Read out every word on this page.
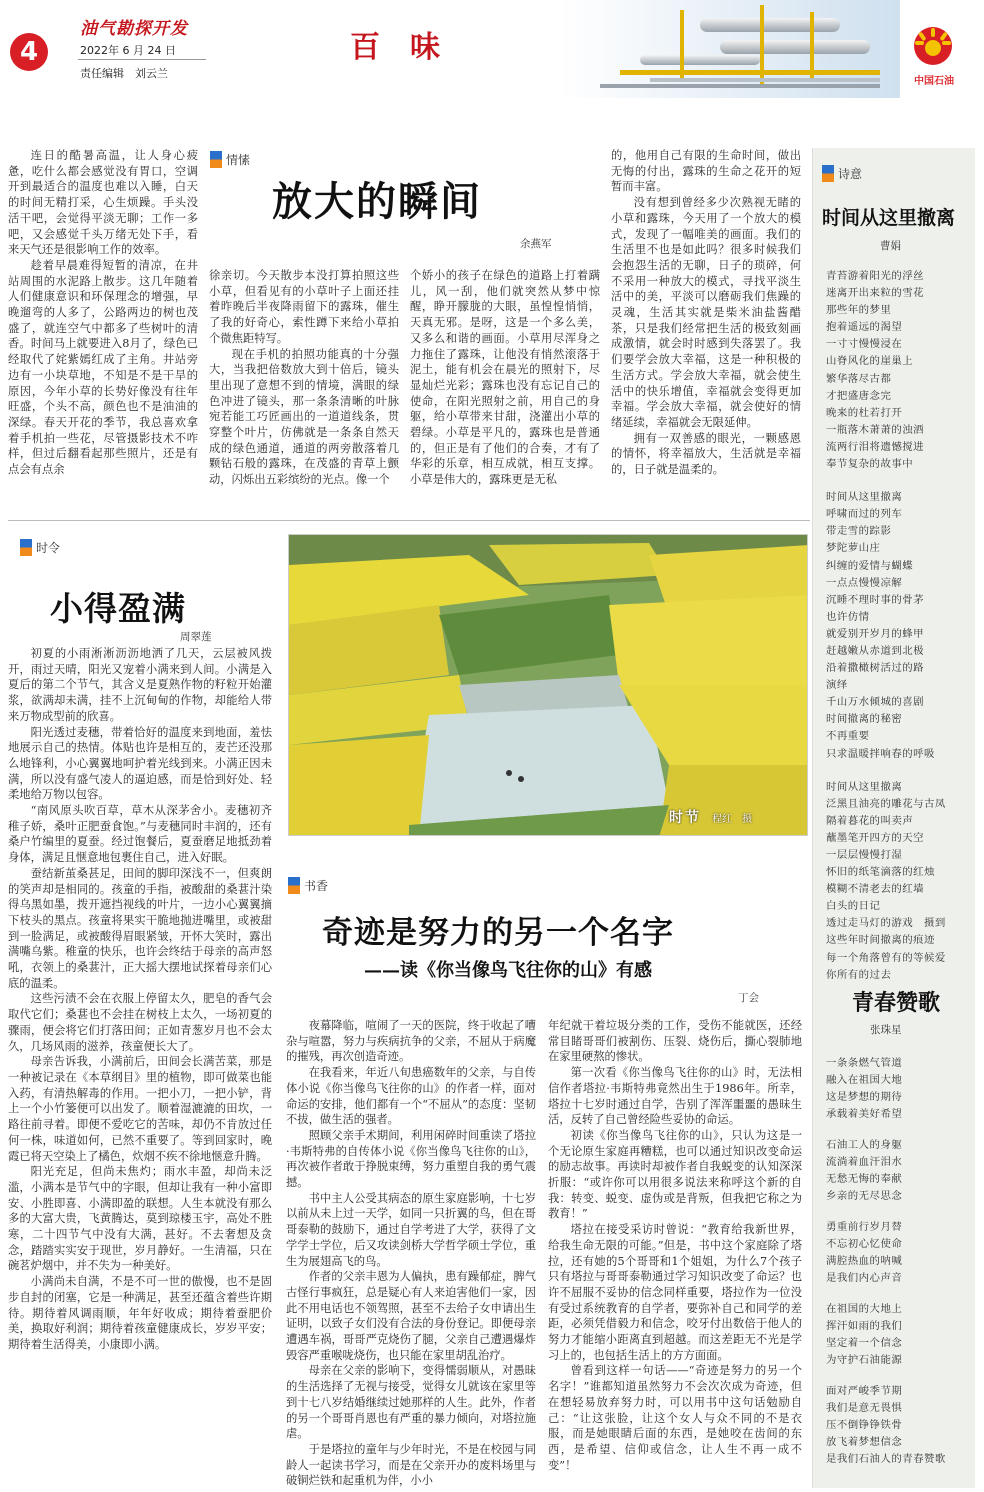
4
油气勘探开发
2022年 6 月 24 日
责任编辑　刘云兰
百　味
中国石油
情愫
放大的瞬间
余燕军

连日的酷暑高温，让人身心疲惫，吃什么都会感觉没有胃口，空调开到最适合的温度也难以入睡，白天的时间无精打采，心生烦躁。手头没活干吧，会觉得平淡无聊；工作一多吧，又会感觉千头万绪无处下手，看来天气还是很影响工作的效率。

趁着早晨难得短暂的清凉，在井站周围的水泥路上散步。这几年随着人们健康意识和环保理念的增强，早晚遛弯的人多了，公路两边的树也茂盛了，就连空气中都多了些树叶的清香。时间马上就要进入8月了，绿色已经取代了姹紫嫣红成了主角。井站旁边有一小块草地，不知是不是干旱的原因，今年小草的长势好像没有往年旺盛，个头不高，颜色也不是油油的深绿。春天开花的季节，我总喜欢拿着手机拍一些花，尽管摄影技术不咋样，但过后翻看起那些照片，还是有点会有点余

徐亲切。今天散步本没打算拍照这些小草，但看见有的小草叶子上面还挂着昨晚后半夜降雨留下的露珠，催生了我的好奇心，索性蹲下来给小草拍个微焦距特写。

现在手机的拍照功能真的十分强大，当我把倍数放大到十倍后，镜头里出现了意想不到的情境，满眼的绿色冲进了镜头，那一条条清晰的叶脉宛若能工巧匠画出的一道道线条，贯穿整个叶片，仿佛就是一条条自然天成的绿色通道，通道的两旁散落着几颗钻石般的露珠，在茂盛的青草上颤动，闪烁出五彩缤纷的光点。像一个

个娇小的孩子在绿色的道路上打着蹒儿，风一刮，他们就突然从梦中惊醒，睁开朦胧的大眼，虽惶惶悄悄，天真无邪。是呀，这是一个多么美，又多么和谐的画面。小草用尽浑身之力拖住了露珠，让他没有悄然滚落于泥土，能有机会在晨光的照射下，尽显灿烂光彩；露珠也没有忘记自己的使命，在阳光照射之前，用自己的身躯，给小草带来甘甜，浇灌出小草的碧绿。小草是平凡的，露珠也是普通的，但正是有了他们的合奏，才有了华彩的乐章，相互成就，相互支撑。小草是伟大的，露珠更是无私

的，他用自己有限的生命时间，做出无悔的付出，露珠的生命之花开的短暂而丰富。

没有想到曾经多少次熟视无睹的小草和露珠，今天用了一个放大的模式，发现了一幅唯美的画面。我们的生活里不也是如此吗？很多时候我们会抱怨生活的无聊，日子的琐碎，何不采用一种放大的模式，寻找平淡生活中的美，平淡可以磨砺我们焦躁的灵魂，生活其实就是柴米油盐酱醋茶，只是我们经常把生活的极致刻画成激情，就会时时感到失落罢了。我们要学会放大幸福，这是一种积极的生活方式。学会放大幸福，就会使生活中的快乐增值，幸福就会变得更加幸福。学会放大幸福，就会使好的情绪延续，幸福就会无限延伸。

拥有一双善感的眼光，一颗感恩的情怀，将幸福放大，生活就是幸福的，日子就是温柔的。

时令
小得盈满
周翠莲

初夏的小雨淅淅沥沥地洒了几天，云层被风拨开，雨过天晴，阳光又宠着小满来到人间。小满是入夏后的第二个节气，其含义是夏熟作物的籽粒开始灌浆，欲满却未满，挂不上沉甸甸的作物，却能给人带来万物成型前的欣喜。

阳光透过麦穗，带着恰好的温度来到地面，羞怯地展示自己的热情。体贴也许是相互的，麦芒还没那么地锋利，小心翼翼地呵护着光线到来。小满正因未满，所以没有盛气凌人的逼迫感，而是恰到好处、轻柔地给万物以包容。

“南风原头吹百草，草木从深茅舍小。麦穗初齐稚子娇，桑叶正肥蚕食饱。”与麦穗同时丰润的，还有桑户竹编里的夏蚕。经过饱餐后，夏蚕磨足地抵劲着身体，满足且惬意地包裹住自己，进入好眠。

蚕结新茧桑甚足，田间的脚印深浅不一，但爽朗的笑声却是相同的。孩童的手指，被酸甜的桑葚汁染得乌黑如墨，拨开遮挡视线的叶片，一边小心翼翼摘下枝头的黑点。孩童将果实干脆地抛进嘴里，或被甜到一脸满足，或被酸得眉眼紧皱，开怀大笑时，露出满嘴乌紫。稚童的快乐，也许会终结于母亲的高声怒吼，衣领上的桑葚汁，正大摇大摆地试探着母亲们心底的温柔。

这些污渍不会在衣服上停留太久，肥皂的香气会取代它们；桑葚也不会挂在树枝上太久，一场初夏的骤雨，便会将它们打落田间；正如青葱岁月也不会太久，几场风雨的滋养，孩童便长大了。

母亲告诉我，小满前后，田间会长满苦菜，那是一种被记录在《本草纲目》里的植物，即可做菜也能入药，有清热解毒的作用。一把小刀，一把小铲，背上一个小竹篓便可以出发了。顺着湿漉漉的田坎，一路往前寻着。即便不爱吃它的苦味，却仍不肯放过任何一株，味道如何，已然不重要了。等到回家时，晚霞已将天空染上了橘色，炊烟不疾不徐地惬意升腾。

阳光充足，但尚未焦灼；雨水丰盈，却尚未泛滥，小满本是节气中的字眼，但却让我有一种小富即安、小胜即喜、小满即盈的联想。人生本就没有那么多的大富大贵，飞黄腾达，莫到琼楼玉宇，高处不胜寒，二十四节气中没有大满，甚好。不去奢想及贪念，踏踏实实安于现世，岁月静好。一生清福，只在碗茗炉烟中，并不失为一种美好。

小满尚未自满，不是不可一世的傲慢，也不是固步自封的闭塞，它是一种满足，甚至还蕴含着些许期待。期待着风调雨顺，年年好收成；期待着蚕肥价美，换取好利润；期待着孩童健康成长，岁岁平安；期待着生活得美，小康即小满。

时节 程红　摄
书香
奇迹是努力的另一个名字
——读《你当像鸟飞往你的山》有感
丁会

夜幕降临，喧闹了一天的医院，终于收起了嘈杂与喧嚣，努力与疾病抗争的父亲，不屈从于病魔的摧残，再次创造奇迹。

在我看来，年近八旬患癌数年的父亲，与自传体小说《你当像鸟飞往你的山》的作者一样，面对命运的安排，他们都有一个“不屈从”的态度：坚韧不拔，做生活的强者。

照顾父亲手术期间，利用闲碎时间重读了塔拉·韦斯特弗的自传体小说《你当像鸟飞往你的山》，再次被作者敢于挣脱束缚，努力重塑自我的勇气震撼。

书中主人公受其病态的原生家庭影响，十七岁以前从未上过一天学，如同一只折翼的鸟，但在哥哥泰勒的鼓励下，通过自学考进了大学，获得了文学学士学位，后又攻读剑桥大学哲学硕士学位，重生为展翅高飞的鸟。

作者的父亲丰恩为人偏执，患有躁郁症，脾气古怪行事疯狂，总是疑心有人来迫害他们一家，因此不用电话也不领驾照，甚至不去给子女申请出生证明，以致子女们没有合法的身份登记。即便母亲遭遇车祸，哥哥严克烧伤了腿，父亲自己遭遇爆炸毁容严重喉咙烧伤，也只能在家里胡乱治疗。

母亲在父亲的影响下，变得懦弱顺从，对愚昧的生活选择了无视与接受，觉得女儿就该在家里等到十七八岁结婚继续过她那样的人生。此外，作者的另一个哥哥肖恩也有严重的暴力倾向，对塔拉施虐。

于是塔拉的童年与少年时光，不是在校园与同龄人一起读书学习，而是在父亲开办的废料场里与破铜烂铁和起重机为伴，小小

年纪就干着垃圾分类的工作，受伤不能就医，还经常目睹哥哥们被割伤、压裂、烧伤后，撕心裂肺地在家里硬熬的惨状。

第一次看《你当像鸟飞往你的山》时，无法相信作者塔拉·韦斯特弗竟然出生于1986年。所幸，塔拉十七岁时通过自学，告别了浑浑噩噩的愚昧生活，反转了自己曾经险些妥协的命运。

初读《你当像鸟飞往你的山》，只认为这是一个无论原生家庭再糟糕，也可以通过知识改变命运的励志故事。再读时却被作者自我蜕变的认知深深折服：“或许你可以用很多说法来称呼这个新的自我：转变、蜕变、虚伪或是背叛，但我把它称之为教育！”

塔拉在接受采访时曾说：“教育给我新世界，给我生命无限的可能。”但是，书中这个家庭除了塔拉，还有她的5个哥哥和1个姐姐，为什么7个孩子只有塔拉与哥哥泰勒通过学习知识改变了命运？也许不屈服不妥协的信念同样重要，塔拉作为一位没有受过系统教育的自学者，要弥补自己和同学的差距，必须凭借毅力和信念，咬牙付出数倍于他人的努力才能缩小距离直到超越。而这差距无不光是学习上的，也包括生活上的方方面面。

曾看到这样一句话——“奇迹是努力的另一个名字！”谁都知道虽然努力不会次次成为奇迹，但在想轻易放弃努力时，可以用书中这句话勉励自己：“让这张脸，让这个女人与众不同的不是衣服，而是她眼睛后面的东西，是她咬在齿间的东西，是希望、信仰或信念，让人生不再一成不变”！

诗意
时间从这里撤离
曹娟
青苔游着阳光的浮丝
迷离开出来粒的雪花
那些年的梦里
抱着遥远的渴望
一寸寸慢慢浸在
山脊风化的崖巢上
繁华落尽古都
才把盛唐念完
晚来的杜若打开
一瓶落木萧萧的浊酒
流两行泪将遗憾搅进
奉节复杂的故事中
时间从这里撤离
呼啸而过的列车
带走雪的踪影
梦陀萝山庄
纠缠的爱情与蝴蝶
一点点慢慢凉解
沉睡不理时事的骨茅
也许仿情
就爱别开岁月的蜂甲
赶越嫩从赤道到北极
沿着撒橄树活过的路
演绎
千山万水倾城的喜剧
时间撤离的秘密
不再重要
只求温暖拌响春的呼吸
时间从这里撤离
泛黑且油亮的雕花与古凤
隔着暮花的叫卖声
蘸墨笔开四方的天空
一层层慢慢打湿
怀旧的纸笔滴落的红烛
模糊不清老去的红墙
白头的日记
透过走马灯的游戏　摄到
这些年时间撤离的痕迹
每一个角落曾有的等候爱
你所有的过去
青春赞歌
张珠星
一条条燃气管道
融入在祖国大地
这是梦想的期待
承载着美好希望
石油工人的身躯
流淌着血汗泪水
无愁无悔的奉献
乡亲的无尽思念
勇重前行岁月替
不忘初心忆使命
满腔热血的呐喊
是我们内心声音
在祖国的大地上
挥汗如雨的我们
坚定着一个信念
为守护石油能源
面对严峻季节期
我们是意无畏惧
压不倒铮铮铁骨
放飞着梦想信念
是我们石油人的青春赞歌
